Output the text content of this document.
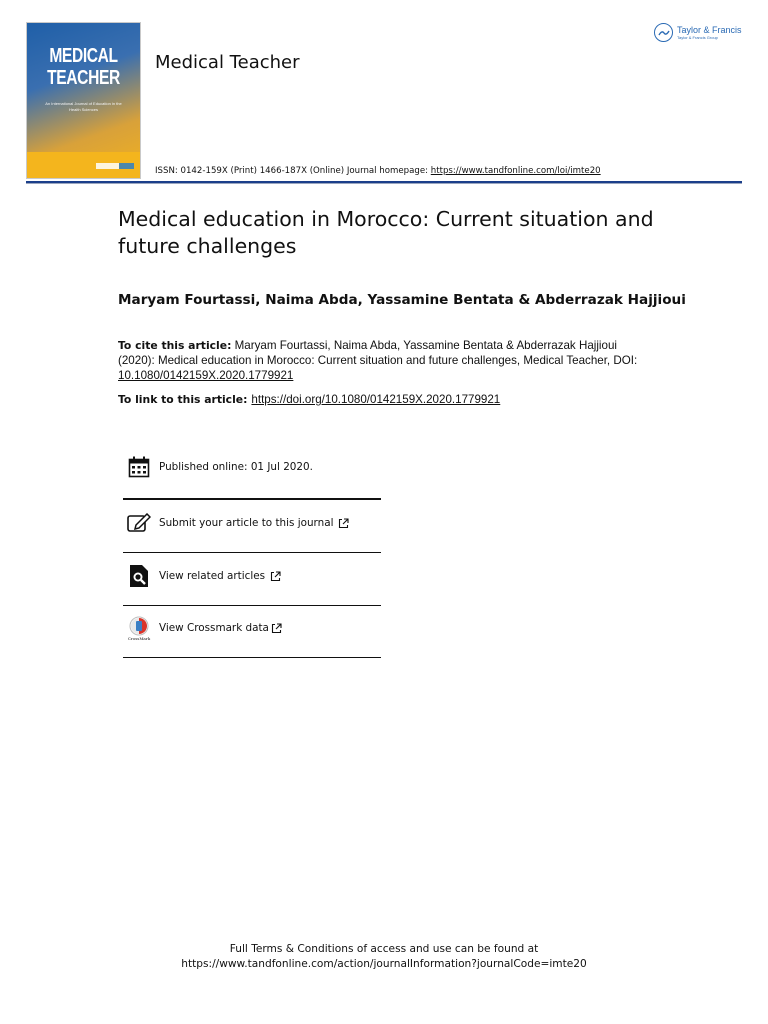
MEDICAL
TEACHER
An International Journal of Education in the Health Sciences
Medical Teacher
Taylor & Francis
Taylor & Francis Group
ISSN: 0142-159X (Print) 1466-187X (Online) Journal homepage: https://www.tandfonline.com/loi/imte20
Medical education in Morocco: Current situation and future challenges
Maryam Fourtassi, Naima Abda, Yassamine Bentata & Abderrazak Hajjioui
To cite this article: Maryam Fourtassi, Naima Abda, Yassamine Bentata & Abderrazak Hajjioui (2020): Medical education in Morocco: Current situation and future challenges, Medical Teacher, DOI: 10.1080/0142159X.2020.1779921
To link to this article: https://doi.org/10.1080/0142159X.2020.1779921
Published online: 01 Jul 2020.
Submit your article to this journal
View related articles
CrossMark
View Crossmark data
Full Terms & Conditions of access and use can be found at
https://www.tandfonline.com/action/journalInformation?journalCode=imte20
